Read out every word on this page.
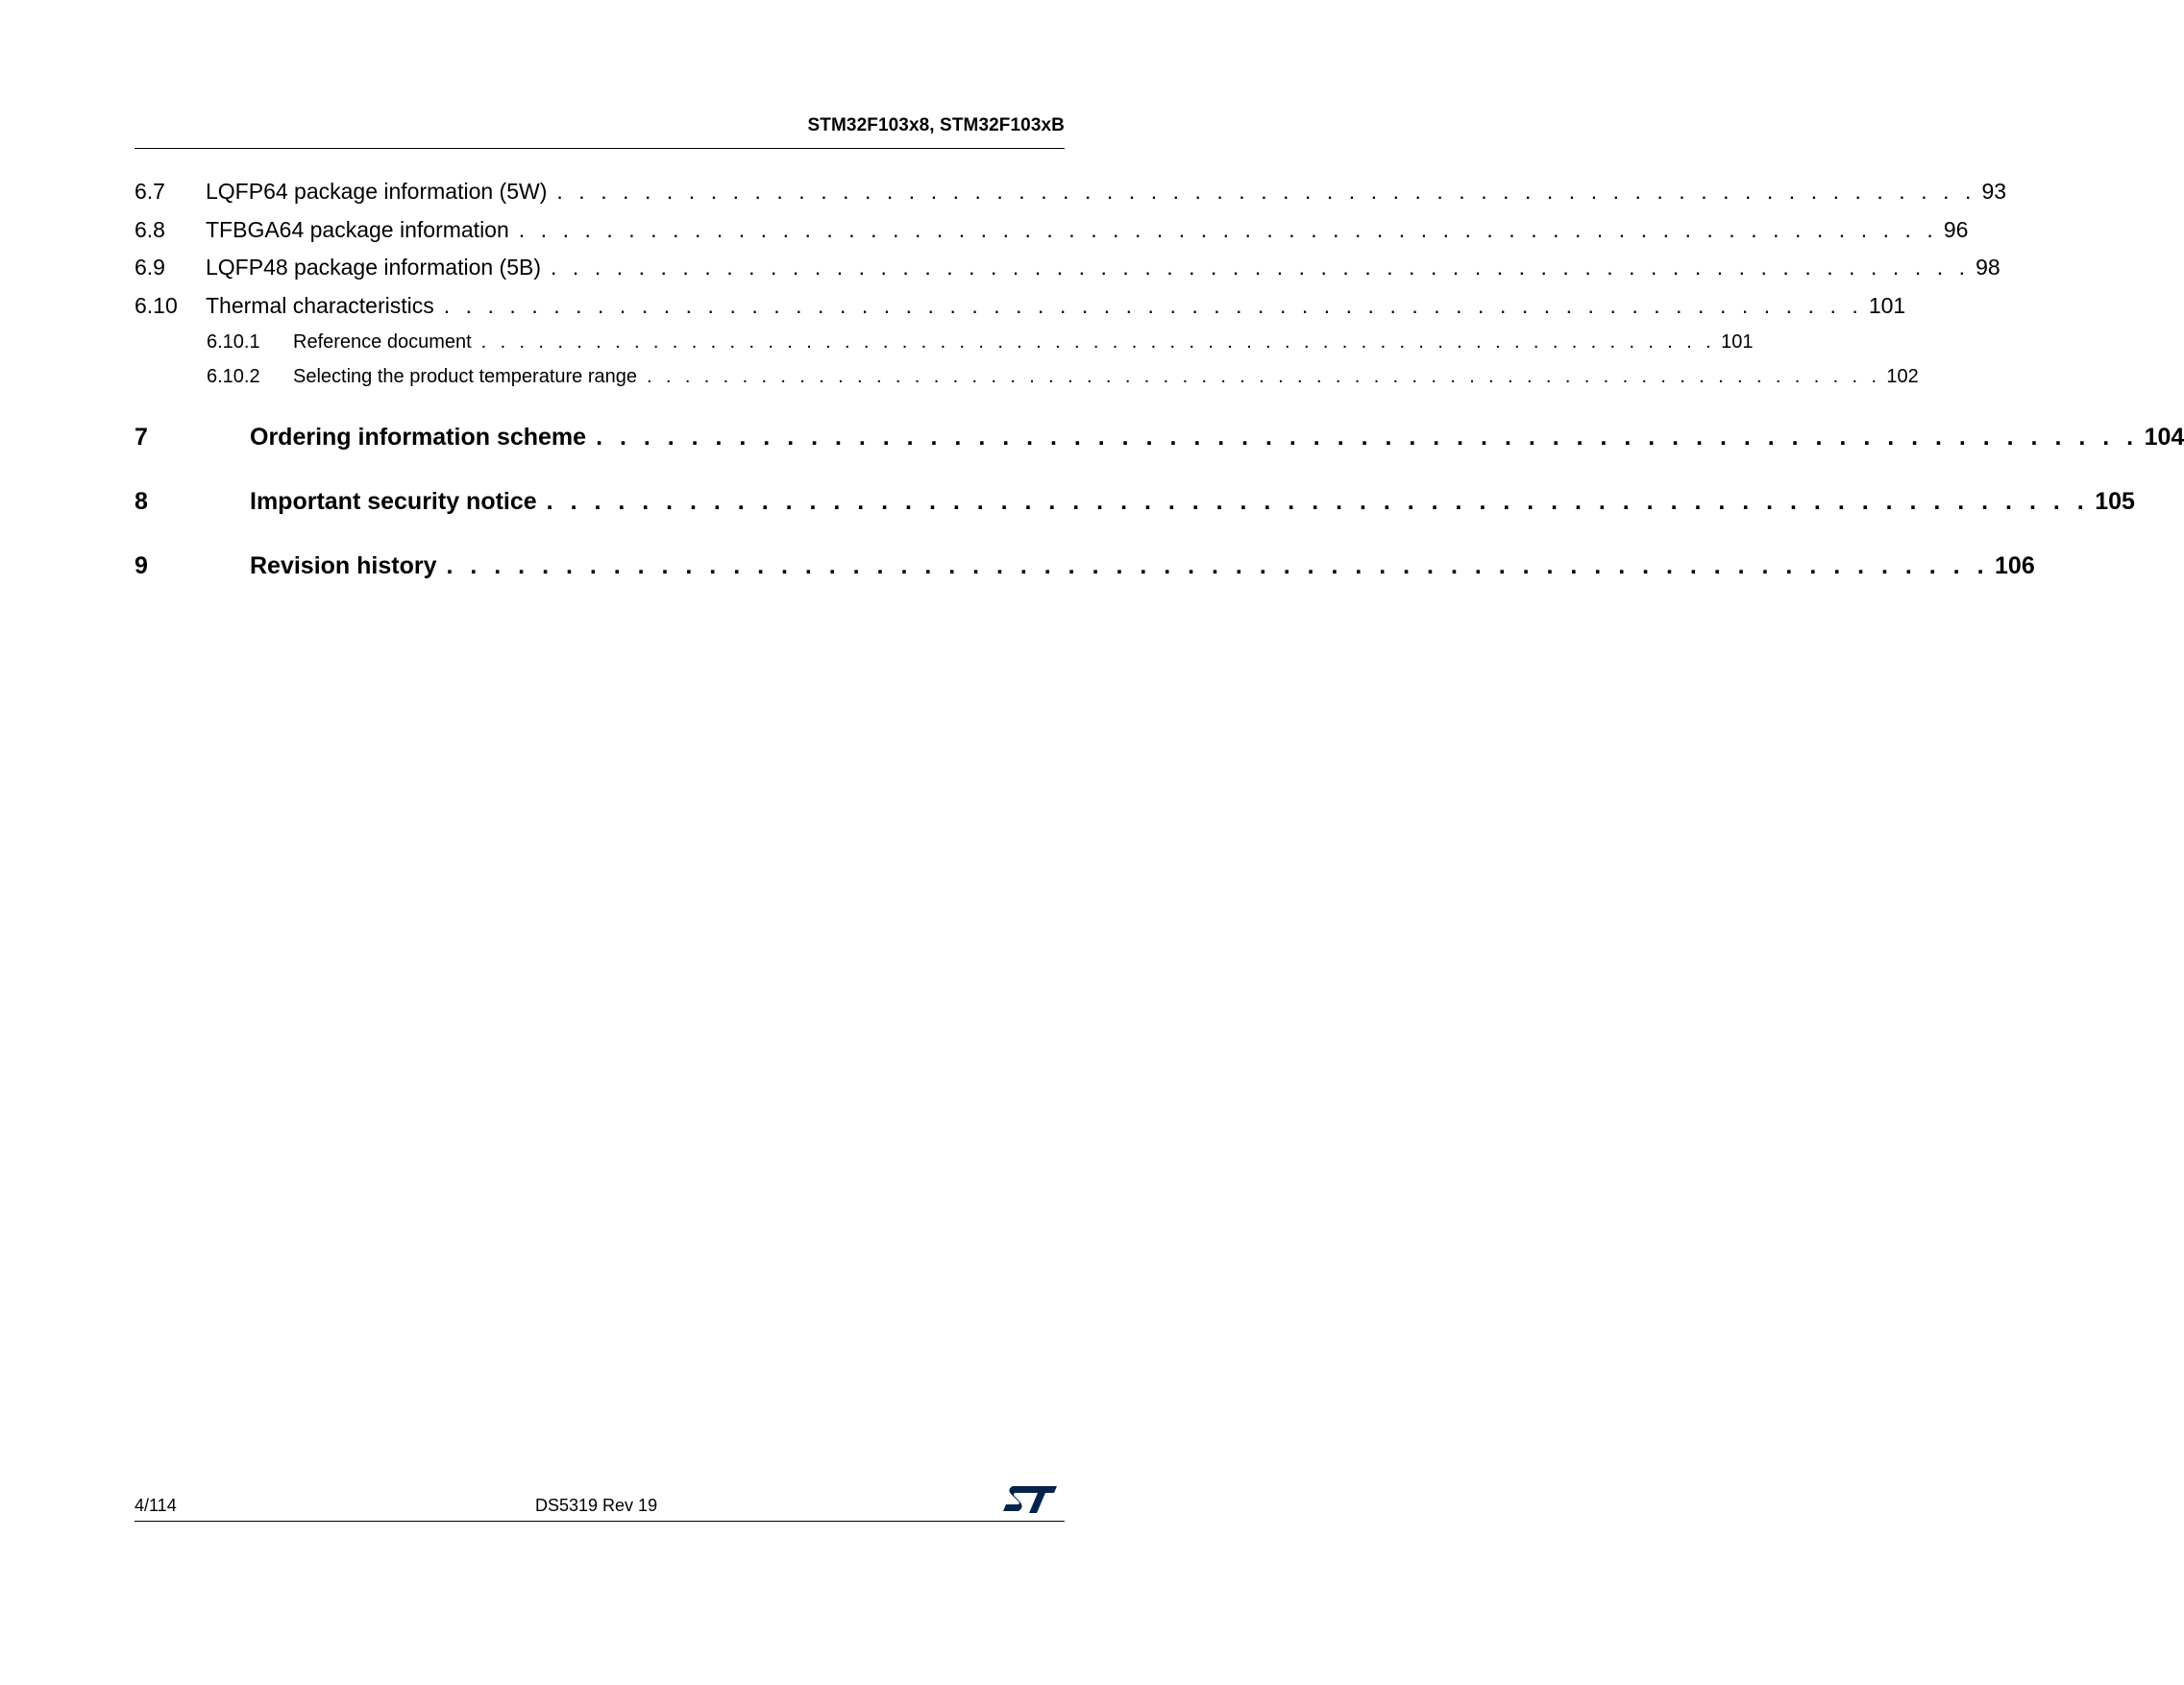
STM32F103x8, STM32F103xB
6.7	LQFP64 package information (5W) . . . . . . . . . . . . . . . . . . . . . . . . . . . . . . . . . . . . . . . . . . . . . . . . . . . . . . . . . . . . . . . . . 93
6.8	TFBGA64 package information . . . . . . . . . . . . . . . . . . . . . . . . . . . . . . . . . . . . . . . . . . . . . . . . . . . . . . . . . . . . . . . . . 96
6.9	LQFP48 package information (5B) . . . . . . . . . . . . . . . . . . . . . . . . . . . . . . . . . . . . . . . . . . . . . . . . . . . . . . . . . . . . . . . . . 98
6.10	Thermal characteristics . . . . . . . . . . . . . . . . . . . . . . . . . . . . . . . . . . . . . . . . . . . . . . . . . . . . . . . . . . . . . . . . . 101
6.10.1	Reference document . . . . . . . . . . . . . . . . . . . . . . . . . . . . . . . . . . . . . . . . . . . . . . . . . . . . . . . . . . . . . . . . . 101
6.10.2	Selecting the product temperature range . . . . . . . . . . . . . . . . . . . . . . . . . . . . . . . . . . . . . . . . . . . . . . . . . . . . . . . . . . . . . . . . . 102
7	Ordering information scheme . . . . . . . . . . . . . . . . . . . . . . . . . . . . . . . . . . . . . . . . . . . . . . . . . . . . . . . . . . . . . . . . . 104
8	Important security notice . . . . . . . . . . . . . . . . . . . . . . . . . . . . . . . . . . . . . . . . . . . . . . . . . . . . . . . . . . . . . . . . . 105
9	Revision history . . . . . . . . . . . . . . . . . . . . . . . . . . . . . . . . . . . . . . . . . . . . . . . . . . . . . . . . . . . . . . . . . 106
4/114	DS5319 Rev 19
